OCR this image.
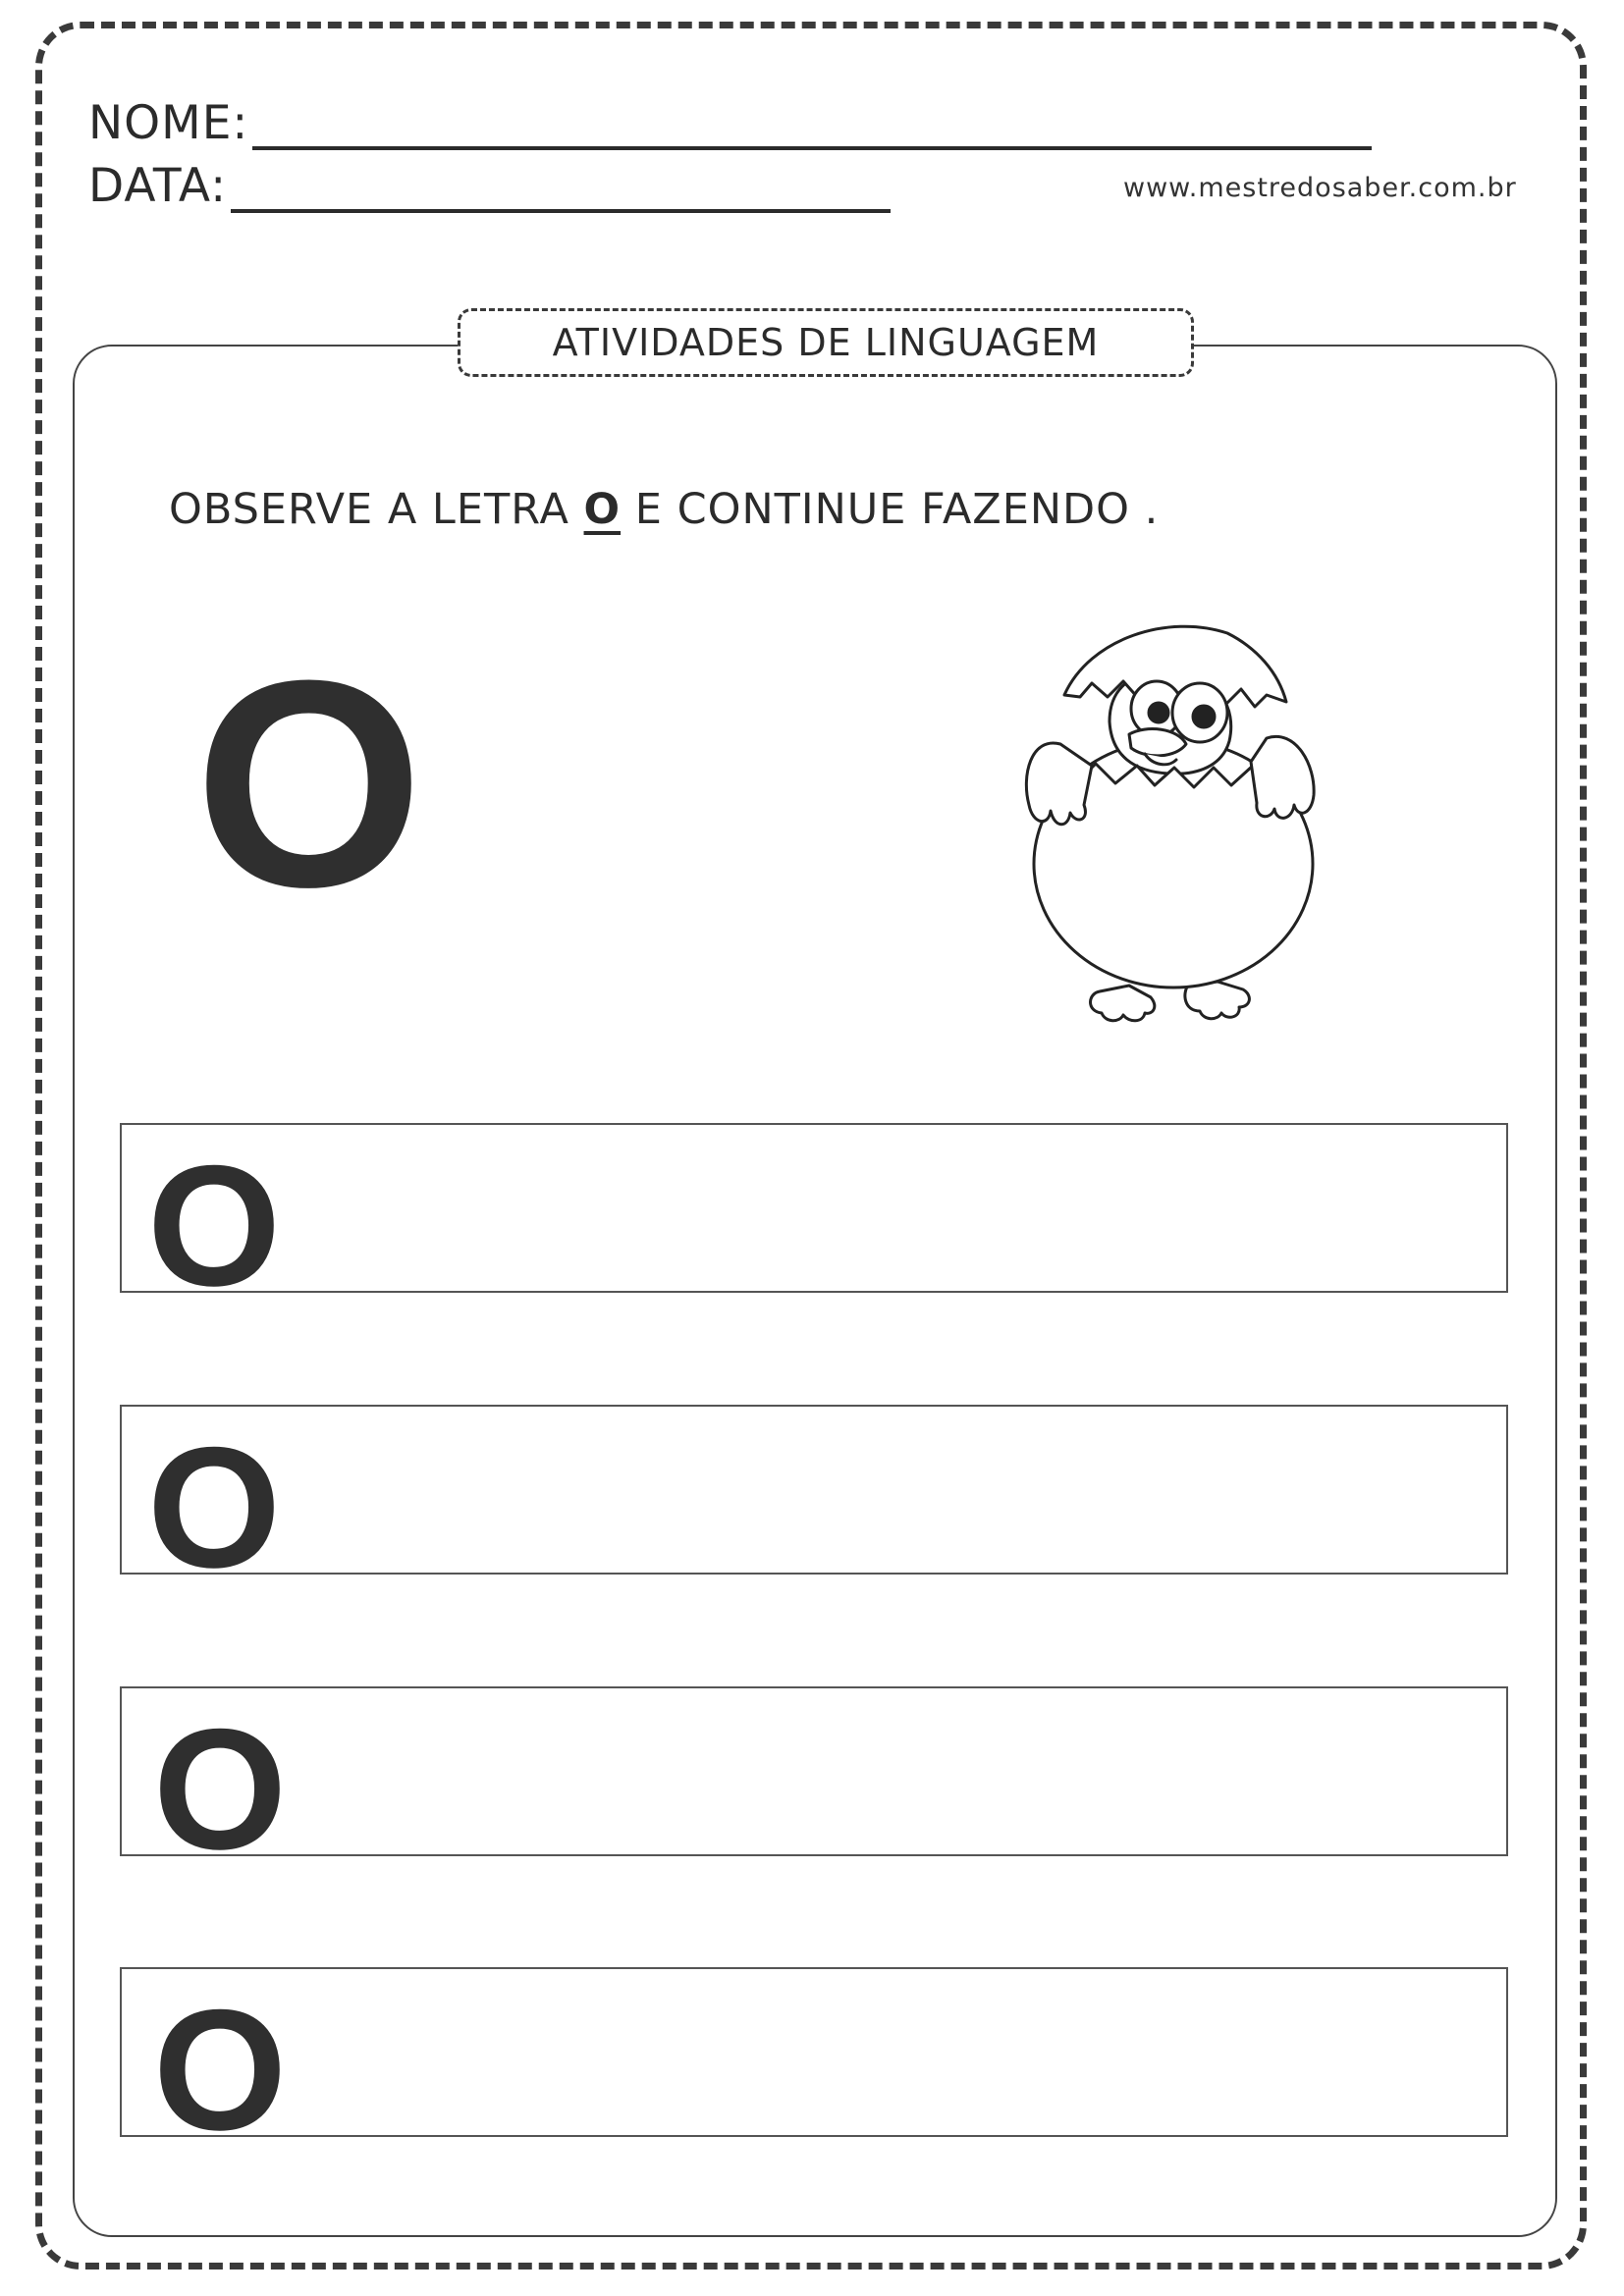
NOME:
DATA:	www.mestredosaber.com.br
ATIVIDADES DE LINGUAGEM
OBSERVE A LETRA O E CONTINUE FAZENDO .
O
O
O
O
O
